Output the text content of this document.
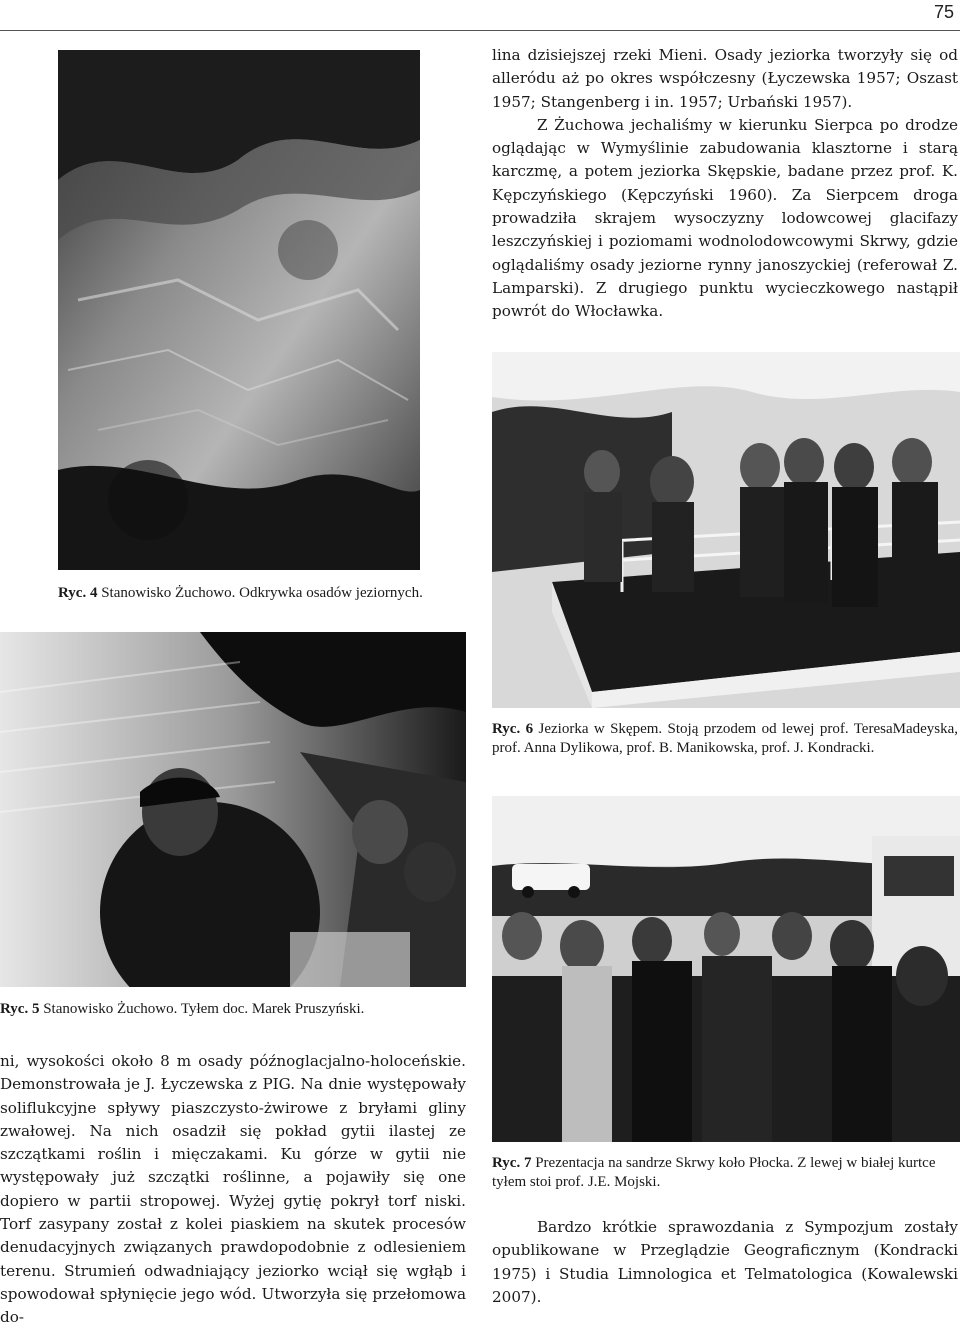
75
Ryc. 4 Stanowisko Żuchowo. Odkrywka osadów jeziornych.
Ryc. 5 Stanowisko Żuchowo. Tyłem doc. Marek Pruszyński.

lina dzisiejszej rzeki Mieni. Osady jeziorka tworzyły się od alleródu aż po okres współczesny (Łyczewska 1957; Oszast 1957; Stangenberg i in. 1957; Urbański 1957).

Z Żuchowa jechaliśmy w kierunku Sierpca po drodze oglądając w Wymyślinie zabudowania klasztorne i starą karczmę, a potem jeziorka Skępskie, badane przez prof. K. Kępczyńskiego (Kępczyński 1960). Za Sierpcem droga prowadziła skrajem wysoczyzny lodowcowej glacifazy leszczyńskiej i poziomami wodnolodowcowymi Skrwy, gdzie oglądaliśmy osady jeziorne rynny janoszyckiej (referował Z. Lamparski). Z drugiego punktu wycieczkowego nastąpił powrót do Włocławka.

Ryc. 6 Jeziorka w Skępem. Stoją przodem od lewej prof. TeresaMadeyska, prof. Anna Dylikowa, prof. B. Manikowska, prof. J. Kondracki.
Ryc. 7 Prezentacja na sandrze Skrwy koło Płocka. Z lewej w białej kurtce tyłem stoi prof. J.E. Mojski.

ni, wysokości około 8 m osady późnoglacjalno-holoceńskie. Demonstrowała je J. Łyczewska z PIG. Na dnie występowały soliflukcyjne spływy piaszczysto-żwirowe z bryłami gliny zwałowej. Na nich osadził się pokład gytii ilastej ze szczątkami roślin i mięczakami. Ku górze w gytii nie występowały już szczątki roślinne, a pojawiły się one dopiero w partii stropowej. Wyżej gytię pokrył torf niski. Torf zasypany został z kolei piaskiem na skutek procesów denudacyjnych związanych prawdopodobnie z odlesieniem terenu. Strumień odwadniający jeziorko wciął się wgłąb i spowodował spłynięcie jego wód. Utworzyła się przełomowa do-

Bardzo krótkie sprawozdania z Sympozjum zostały opublikowane w Przeglądzie Geograficznym (Kondracki 1975) i Studia Limnologica et Telmatologica (Kowalewski 2007).
